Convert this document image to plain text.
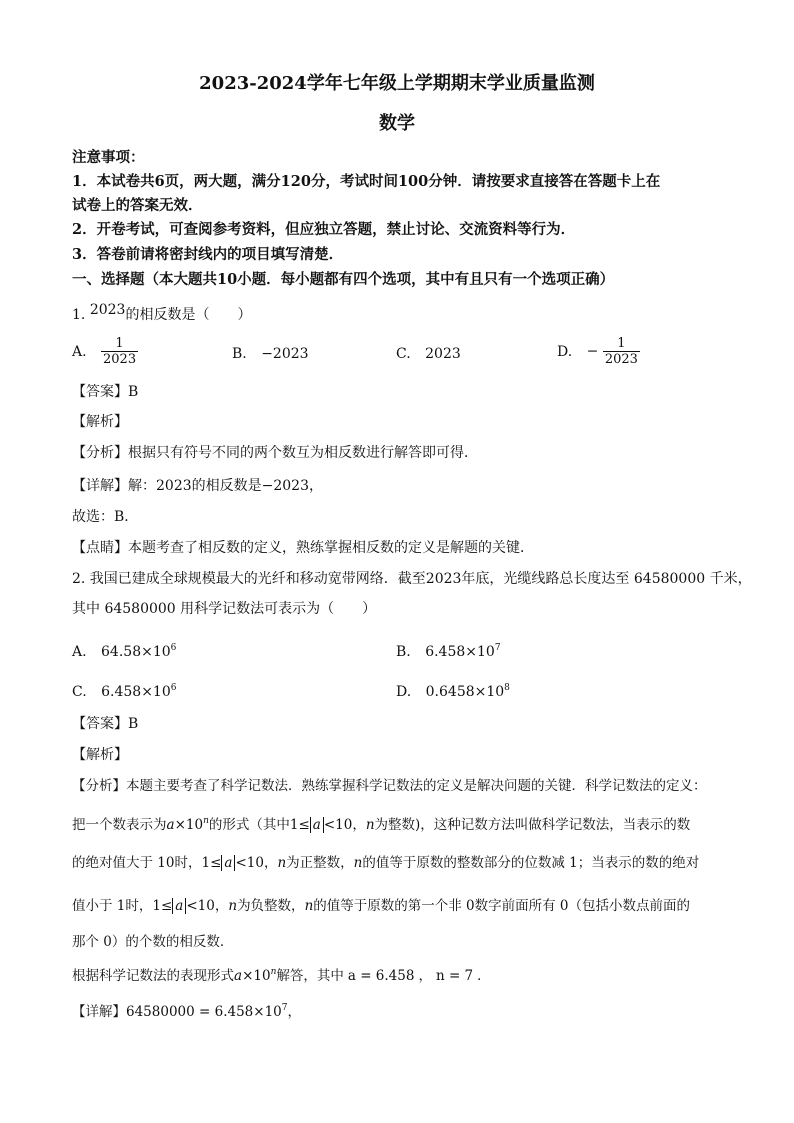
2023-2024学年七年级上学期期末学业质量监测
数学
注意事项：
1．本试卷共6页，两大题，满分120分，考试时间100分钟．请按要求直接答在答题卡上在
试卷上的答案无效．
2．开卷考试，可查阅参考资料，但应独立答题，禁止讨论、交流资料等行为．
3．答卷前请将密封线内的项目填写清楚．
一、选择题（本大题共10小题．每小题都有四个选项，其中有且只有一个选项正确）
1. 2023的相反数是（　　）
A. $\frac{1}{2023}$	B. −2023	C. 2023	D. − $\frac{1}{2023}$
【答案】B
【解析】
【分析】根据只有符号不同的两个数互为相反数进行解答即可得．
【详解】解：2023的相反数是−2023，
故选：B．
【点睛】本题考查了相反数的定义，熟练掌握相反数的定义是解题的关键．
2. 我国已建成全球规模最大的光纤和移动宽带网络．截至2023年底，光缆线路总长度达至 64580000 千米，
其中 64580000 用科学记数法可表示为（　　）
A. $64.58\times 10^6$	B. $6.458\times 10^7$
C. $6.458\times 10^6$	D. $0.6458\times 10^8$
【答案】B
【解析】
【分析】本题主要考查了科学记数法．熟练掌握科学记数法的定义是解决问题的关键．科学记数法的定义：
把一个数表示为$a\times 10^n$的形式（其中1≤ a <10，n为整数)，这种记数方法叫做科学记数法，当表示的数
的绝对值大于 10时，1≤ a <10，n为正整数，n的值等于原数的整数部分的位数减 1；当表示的数的绝对
值小于 1时，1≤ a <10，n为负整数，n的值等于原数的第一个非 0数字前面所有 0（包括小数点前面的
那个 0）的个数的相反数．
根据科学记数法的表现形式$a\times 10^n$解答，其中 a = 6.458 ， n = 7 ．
【详解】$64580000 = 6.458\times 10^7$，
